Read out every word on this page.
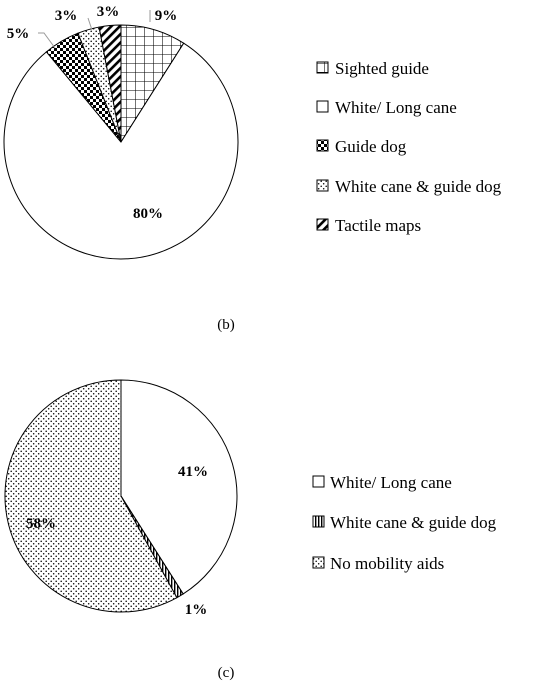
9%
80%
5%
3% 3%
Sighted guide
White/ Long cane
Guide dog
White cane & guide dog
Tactile maps
(b)
41%
1%
58%
White/ Long cane
White cane & guide dog
No mobility aids
(c)
